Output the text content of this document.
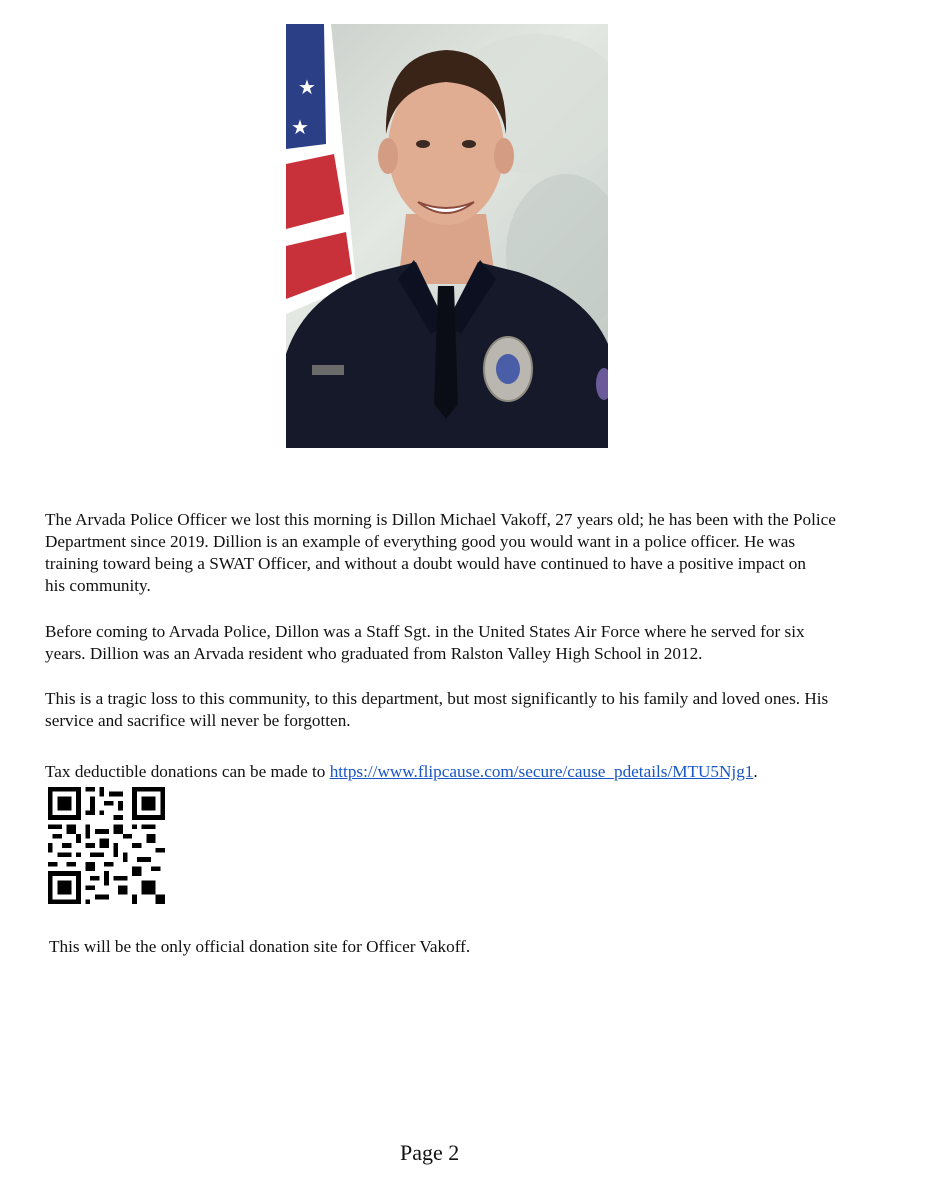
★
★
The Arvada Police Officer we lost this morning is Dillon Michael Vakoff, 27 years old; he has been with the Police
Department since 2019. Dillion is an example of everything good you would want in a police officer. He was
training toward being a SWAT Officer, and without a doubt would have continued to have a positive impact on
his community.
Before coming to Arvada Police, Dillon was a Staff Sgt. in the United States Air Force where he served for six
years. Dillion was an Arvada resident who graduated from Ralston Valley High School in 2012.
This is a tragic loss to this community, to this department, but most significantly to his family and loved ones. His
service and sacrifice will never be forgotten.
Tax deductible donations can be made to https://www.flipcause.com/secure/cause_pdetails/MTU5Njg1.
This will be the only official donation site for Officer Vakoff.
Page 2
